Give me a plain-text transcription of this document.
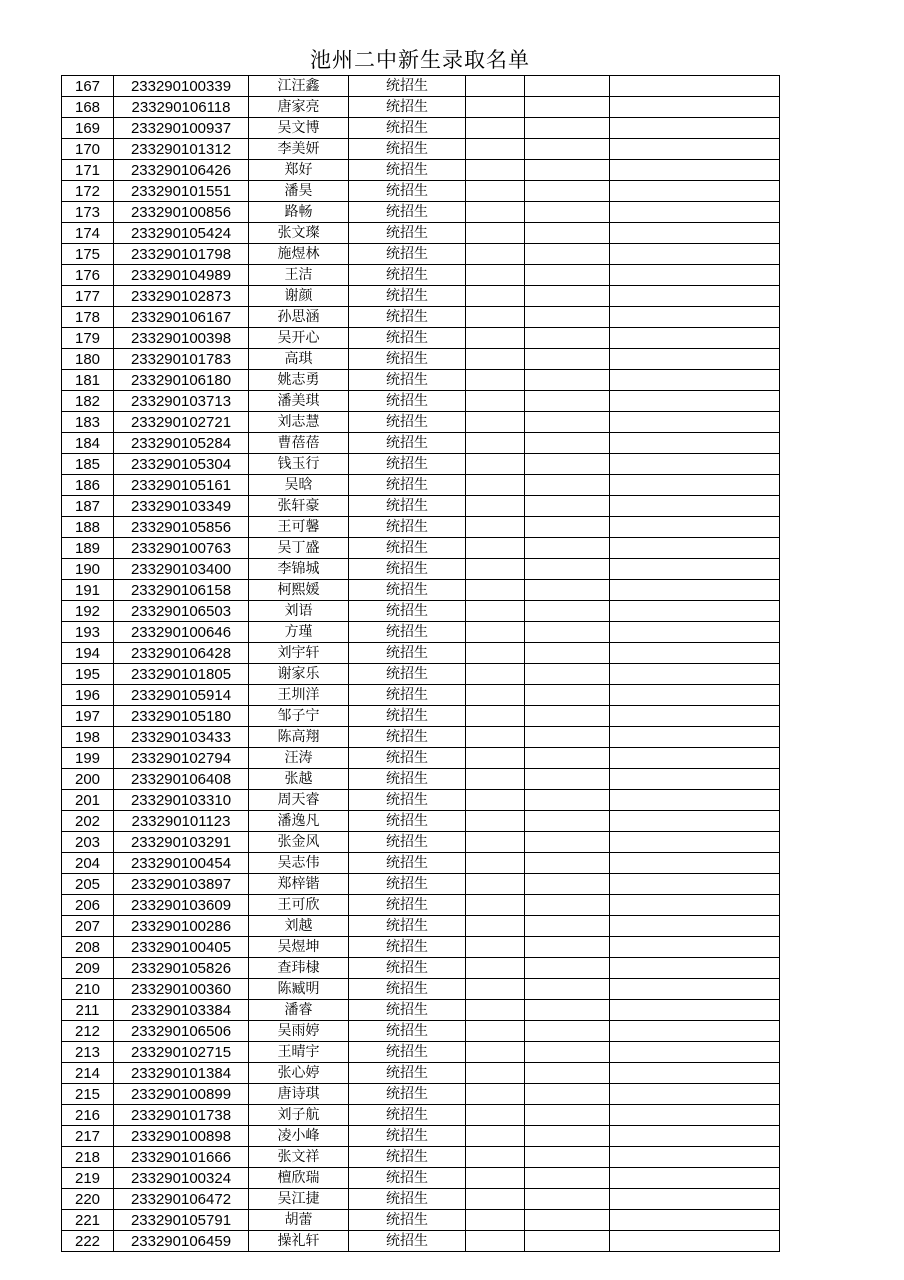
池州二中新生录取名单
167	233290100339	江汪鑫	统招生			
168	233290106118	唐家亮	统招生			
169	233290100937	吴文博	统招生			
170	233290101312	李美妍	统招生			
171	233290106426	郑好	统招生			
172	233290101551	潘昊	统招生			
173	233290100856	路畅	统招生			
174	233290105424	张文璨	统招生			
175	233290101798	施煜林	统招生			
176	233290104989	王洁	统招生			
177	233290102873	谢颜	统招生			
178	233290106167	孙思涵	统招生			
179	233290100398	吴开心	统招生			
180	233290101783	高琪	统招生			
181	233290106180	姚志勇	统招生			
182	233290103713	潘美琪	统招生			
183	233290102721	刘志慧	统招生			
184	233290105284	曹蓓蓓	统招生			
185	233290105304	钱玉行	统招生			
186	233290105161	吴晗	统招生			
187	233290103349	张轩豪	统招生			
188	233290105856	王可馨	统招生			
189	233290100763	吴丁盛	统招生			
190	233290103400	李锦城	统招生			
191	233290106158	柯熙媛	统招生			
192	233290106503	刘语	统招生			
193	233290100646	方瑾	统招生			
194	233290106428	刘宇轩	统招生			
195	233290101805	谢家乐	统招生			
196	233290105914	王圳洋	统招生			
197	233290105180	邹子宁	统招生			
198	233290103433	陈高翔	统招生			
199	233290102794	汪涛	统招生			
200	233290106408	张越	统招生			
201	233290103310	周天睿	统招生			
202	233290101123	潘逸凡	统招生			
203	233290103291	张金风	统招生			
204	233290100454	吴志伟	统招生			
205	233290103897	郑梓锴	统招生			
206	233290103609	王可欣	统招生			
207	233290100286	刘越	统招生			
208	233290100405	吴煜坤	统招生			
209	233290105826	查玮棣	统招生			
210	233290100360	陈臧明	统招生			
211	233290103384	潘睿	统招生			
212	233290106506	吴雨婷	统招生			
213	233290102715	王晴宇	统招生			
214	233290101384	张心婷	统招生			
215	233290100899	唐诗琪	统招生			
216	233290101738	刘子航	统招生			
217	233290100898	凌小峰	统招生			
218	233290101666	张文祥	统招生			
219	233290100324	檀欣瑞	统招生			
220	233290106472	吴江捷	统招生			
221	233290105791	胡蕾	统招生			
222	233290106459	操礼轩	统招生			
